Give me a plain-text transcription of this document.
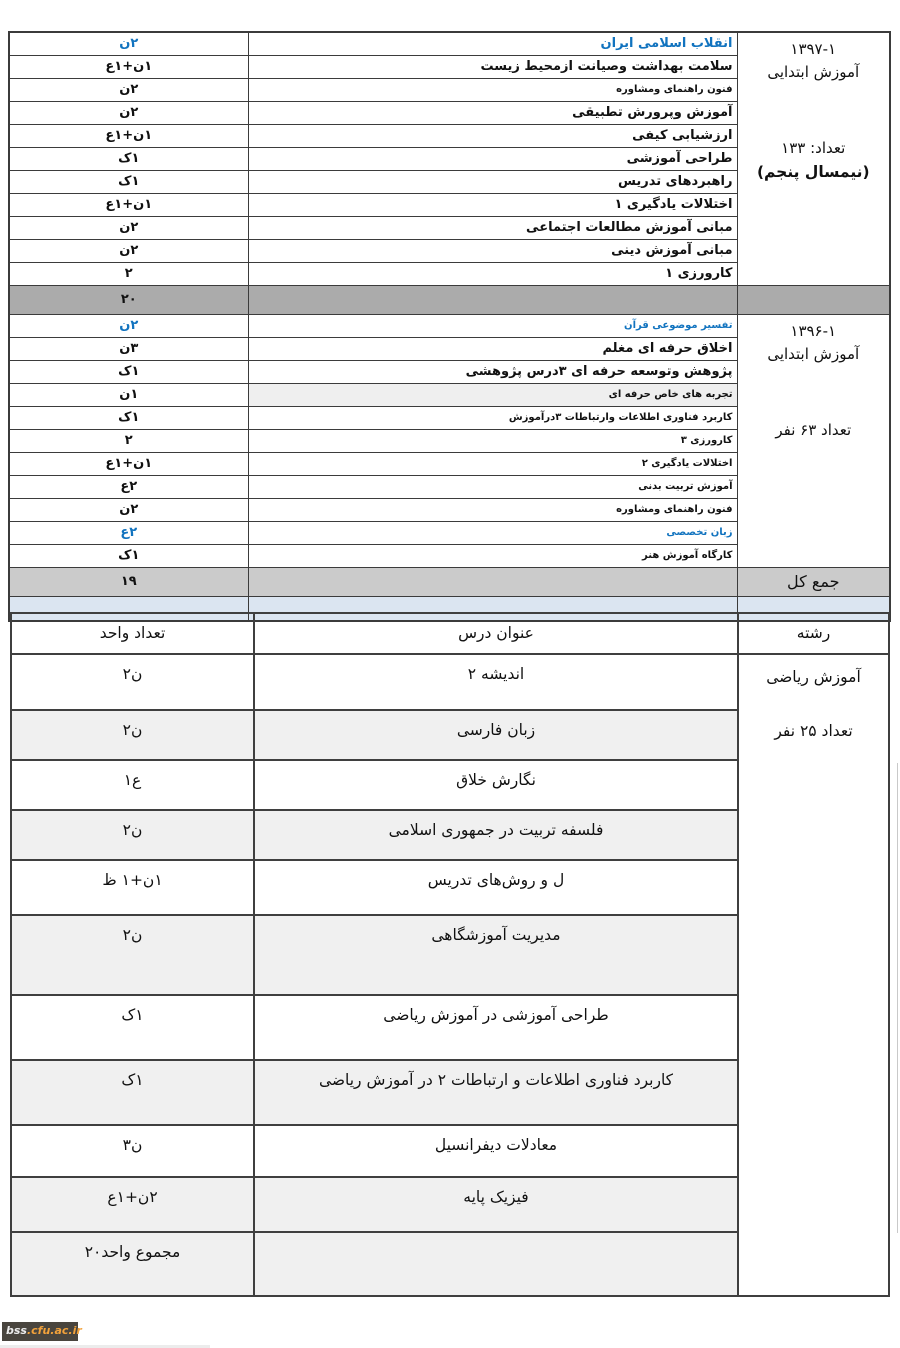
۱۳۹۷-۱
آموزش ابتدایی
تعداد: ۱۳۳
(نیمسال پنجم)	انقلاب اسلامی ایران	۲ن
	سلامت بهداشت وصیانت ازمحیط زیست	۱ن+۱ع
	فنون راهنمای ومشاوره	۲ن
	آموزش وپرورش تطبیقی	۲ن
	ارزشیابی کیفی	۱ن+۱ع
	طراحی آموزشی	۱ک
	راهبردهای تدریس	۱ک
	اختلالات یادگیری ۱	۱ن+۱ع
	مبانی آموزش مطالعات اجتماعی	۲ن
	مبانی آموزش دینی	۲ن
	کارورزی ۱	۲
		۲۰

۱۳۹۶-۱
آموزش ابتدایی
تعداد ۶۳ نفر	تفسیر موضوعی قرآن	۲ن
	اخلاق حرفه ای مغلم	۳ن
	پژوهش وتوسعه حرفه ای ۳درس پژوهشی	۱ک
	تجربه های خاص حرفه ای	۱ن
	کاربرد فناوری اطلاعات وارتباطات ۳درآموزش	۱ک
	کارورزی ۳	۲
	اختلالات یادگیری ۲	۱ن+۱ع
	آموزش تربیت بدنی	۲ع
	فنون راهنمای ومشاوره	۲ن
	زبان تخصصی	۲ع
	کارگاه آموزش هنر	۱ک
جمع کل		۱۹

رشته	عنوان درس	تعداد واحد

آموزش ریاضی
تعداد ۲۵ نفر	اندیشه ۲	ن۲
	زبان فارسی	ن۲
	نگارش خلاق	ع۱
	فلسفه تربیت در جمهوری اسلامی	ن۲
	ل و روش‌های تدریس	۱ن+۱ ظ
	مدیریت آموزشگاهی	ن۲
	طراحی آموزشی در آموزش ریاضی	۱ک
	کاربرد فناوری اطلاعات و ارتباطات ۲ در آموزش ریاضی	۱ک
	معادلات دیفرانسیل	ن۳
	فیزیک پایه	۲ن+۱ع
		مجموع واحد۲۰
bss.cfu.ac.ir
